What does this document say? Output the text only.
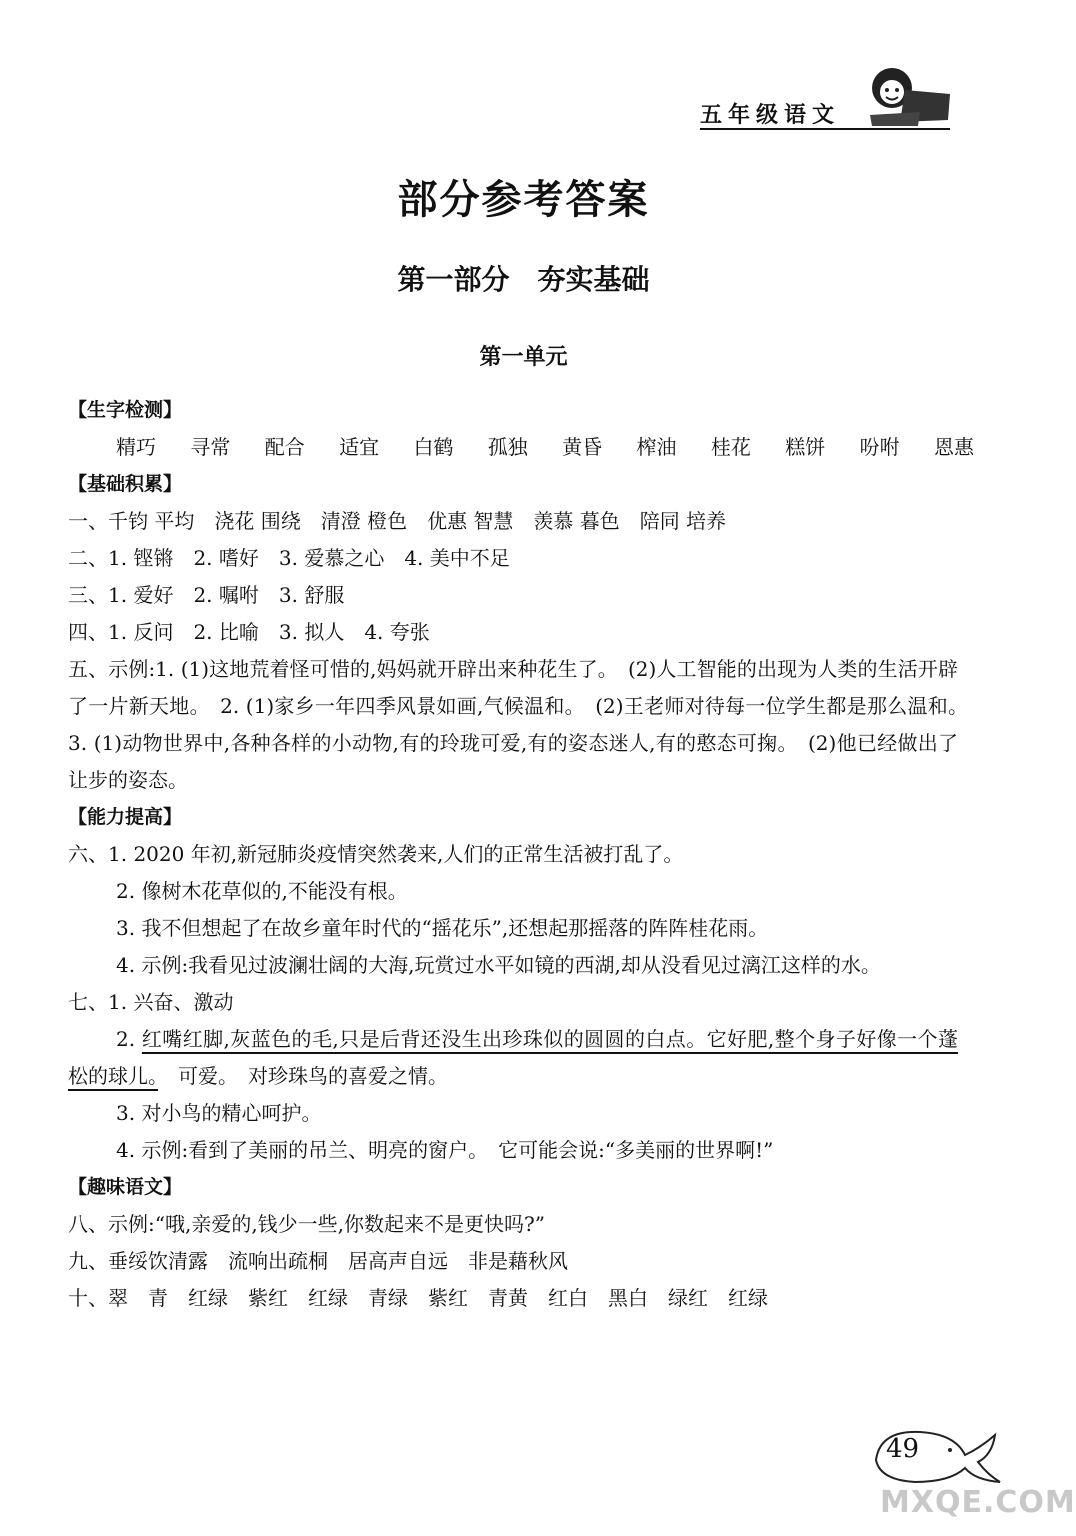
五年级语文
部分参考答案
第一部分　夯实基础
第一单元
【生字检测】
精巧 寻常 配合 适宜 白鹤 孤独 黄昏 榨油 桂花 糕饼 吩咐 恩惠
【基础积累】
一、千钧 平均　浇花 围绕　清澄 橙色　优惠 智慧　羡慕 暮色　陪同 培养
二、1. 铿锵　2. 嗜好　3. 爱慕之心　4. 美中不足
三、1. 爱好　2. 嘱咐　3. 舒服
四、1. 反问　2. 比喻　3. 拟人　4. 夸张
五、示例:1. (1)这地荒着怪可惜的,妈妈就开辟出来种花生了。　(2)人工智能的出现为人类的生活开辟了一片新天地。　2. (1)家乡一年四季风景如画,气候温和。　(2)王老师对待每一位学生都是那么温和。　3. (1)动物世界中,各种各样的小动物,有的玲珑可爱,有的姿态迷人,有的憨态可掬。　(2)他已经做出了让步的姿态。
【能力提高】
六、1. 2020 年初,新冠肺炎疫情突然袭来,人们的正常生活被打乱了。
2. 像树木花草似的,不能没有根。
3. 我不但想起了在故乡童年时代的“摇花乐”,还想起那摇落的阵阵桂花雨。
4. 示例:我看见过波澜壮阔的大海,玩赏过水平如镜的西湖,却从没看见过漓江这样的水。
七、1. 兴奋、激动
2. 红嘴红脚,灰蓝色的毛,只是后背还没生出珍珠似的圆圆的白点。它好肥,整个身子好像一个蓬松的球儿。　可爱。　对珍珠鸟的喜爱之情。
3. 对小鸟的精心呵护。
4. 示例:看到了美丽的吊兰、明亮的窗户。　它可能会说:“多美丽的世界啊!”
【趣味语文】
八、示例:“哦,亲爱的,钱少一些,你数起来不是更快吗?”
九、垂绥饮清露　流响出疏桐　居高声自远　非是藉秋风
十、翠　青　红绿　紫红　红绿　青绿　紫红　青黄　红白　黑白　绿红　红绿
49
MXQE.COM
